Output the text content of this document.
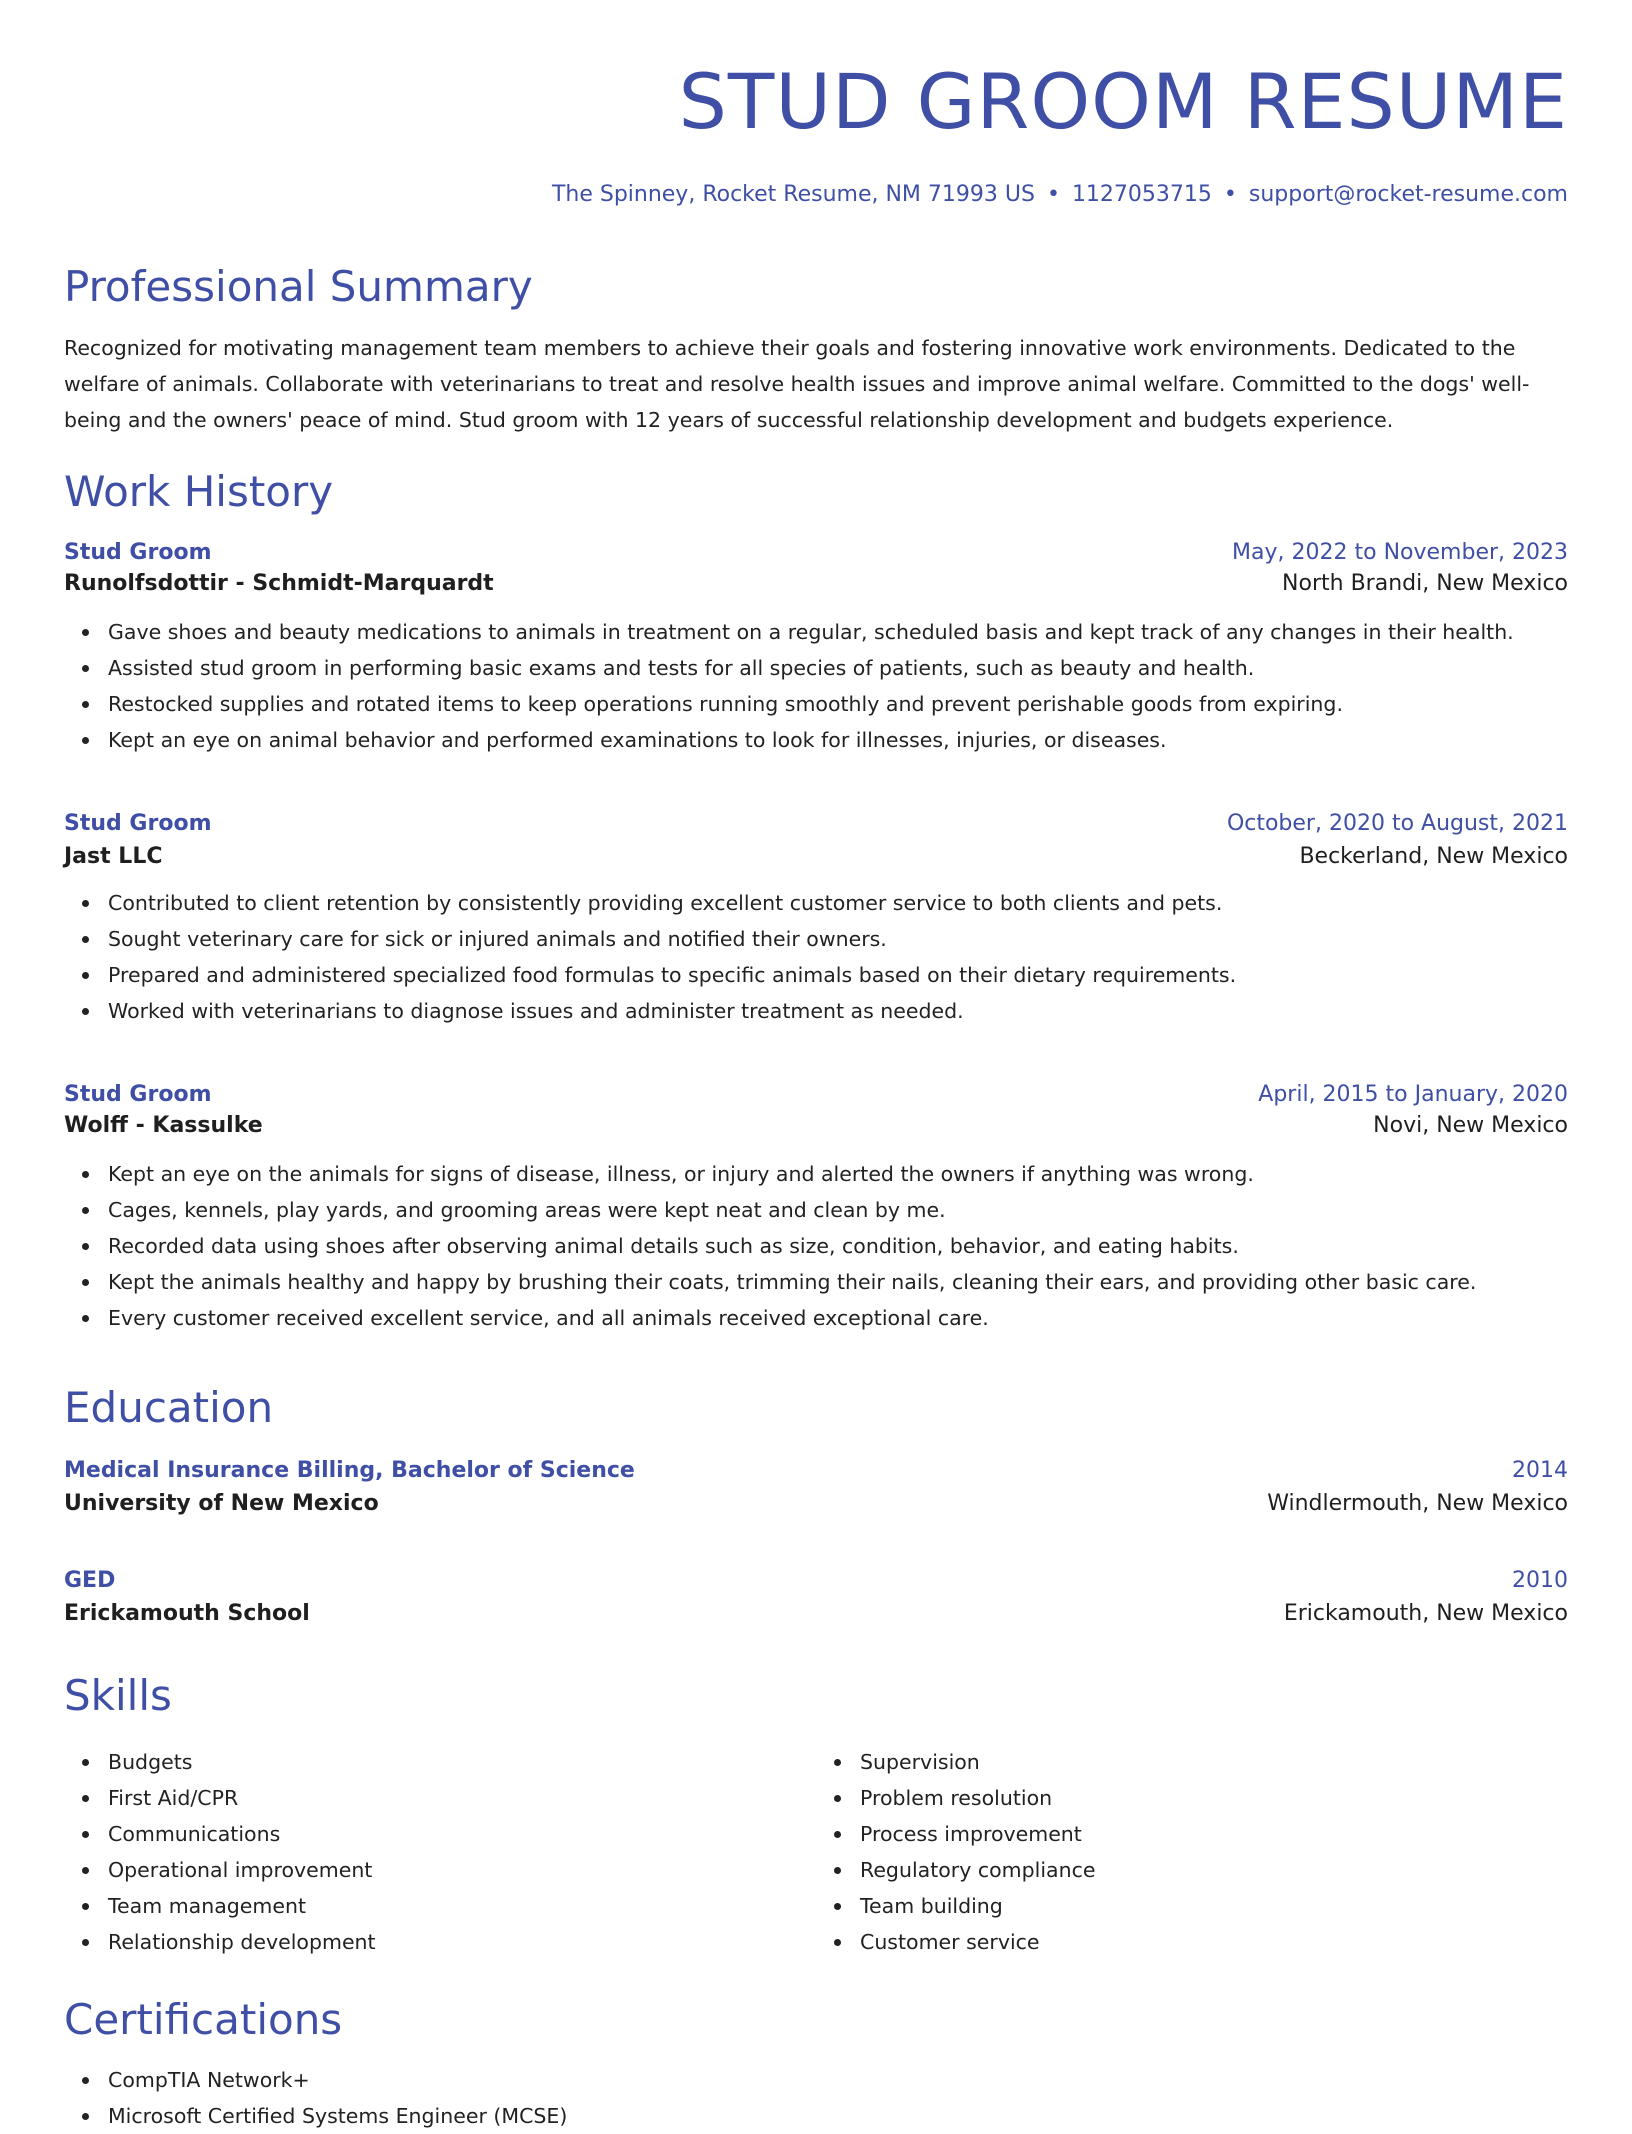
STUD GROOM RESUME
The Spinney, Rocket Resume, NM 71993 US • 1127053715 • support@rocket-resume.com
Professional Summary

Recognized for motivating management team members to achieve their goals and fostering innovative work environments. Dedicated to the welfare of animals. Collaborate with veterinarians to treat and resolve health issues and improve animal welfare. Committed to the dogs' well-being and the owners' peace of mind. Stud groom with 12 years of successful relationship development and budgets experience.

Work History
Stud Groom	May, 2022 to November, 2023
Runolfsdottir - Schmidt-Marquardt	North Brandi, New Mexico
Gave shoes and beauty medications to animals in treatment on a regular, scheduled basis and kept track of any changes in their health.
Assisted stud groom in performing basic exams and tests for all species of patients, such as beauty and health.
Restocked supplies and rotated items to keep operations running smoothly and prevent perishable goods from expiring.
Kept an eye on animal behavior and performed examinations to look for illnesses, injuries, or diseases.
Stud Groom	October, 2020 to August, 2021
Jast LLC	Beckerland, New Mexico
Contributed to client retention by consistently providing excellent customer service to both clients and pets.
Sought veterinary care for sick or injured animals and notified their owners.
Prepared and administered specialized food formulas to specific animals based on their dietary requirements.
Worked with veterinarians to diagnose issues and administer treatment as needed.
Stud Groom	April, 2015 to January, 2020
Wolff - Kassulke	Novi, New Mexico
Kept an eye on the animals for signs of disease, illness, or injury and alerted the owners if anything was wrong.
Cages, kennels, play yards, and grooming areas were kept neat and clean by me.
Recorded data using shoes after observing animal details such as size, condition, behavior, and eating habits.
Kept the animals healthy and happy by brushing their coats, trimming their nails, cleaning their ears, and providing other basic care.
Every customer received excellent service, and all animals received exceptional care.
Education
Medical Insurance Billing, Bachelor of Science	2014
University of New Mexico	Windlermouth, New Mexico
GED	2010
Erickamouth School	Erickamouth, New Mexico
Skills
Budgets
First Aid/CPR
Communications
Operational improvement
Team management
Relationship development
Supervision
Problem resolution
Process improvement
Regulatory compliance
Team building
Customer service
Certifications
CompTIA Network+
Microsoft Certified Systems Engineer (MCSE)
